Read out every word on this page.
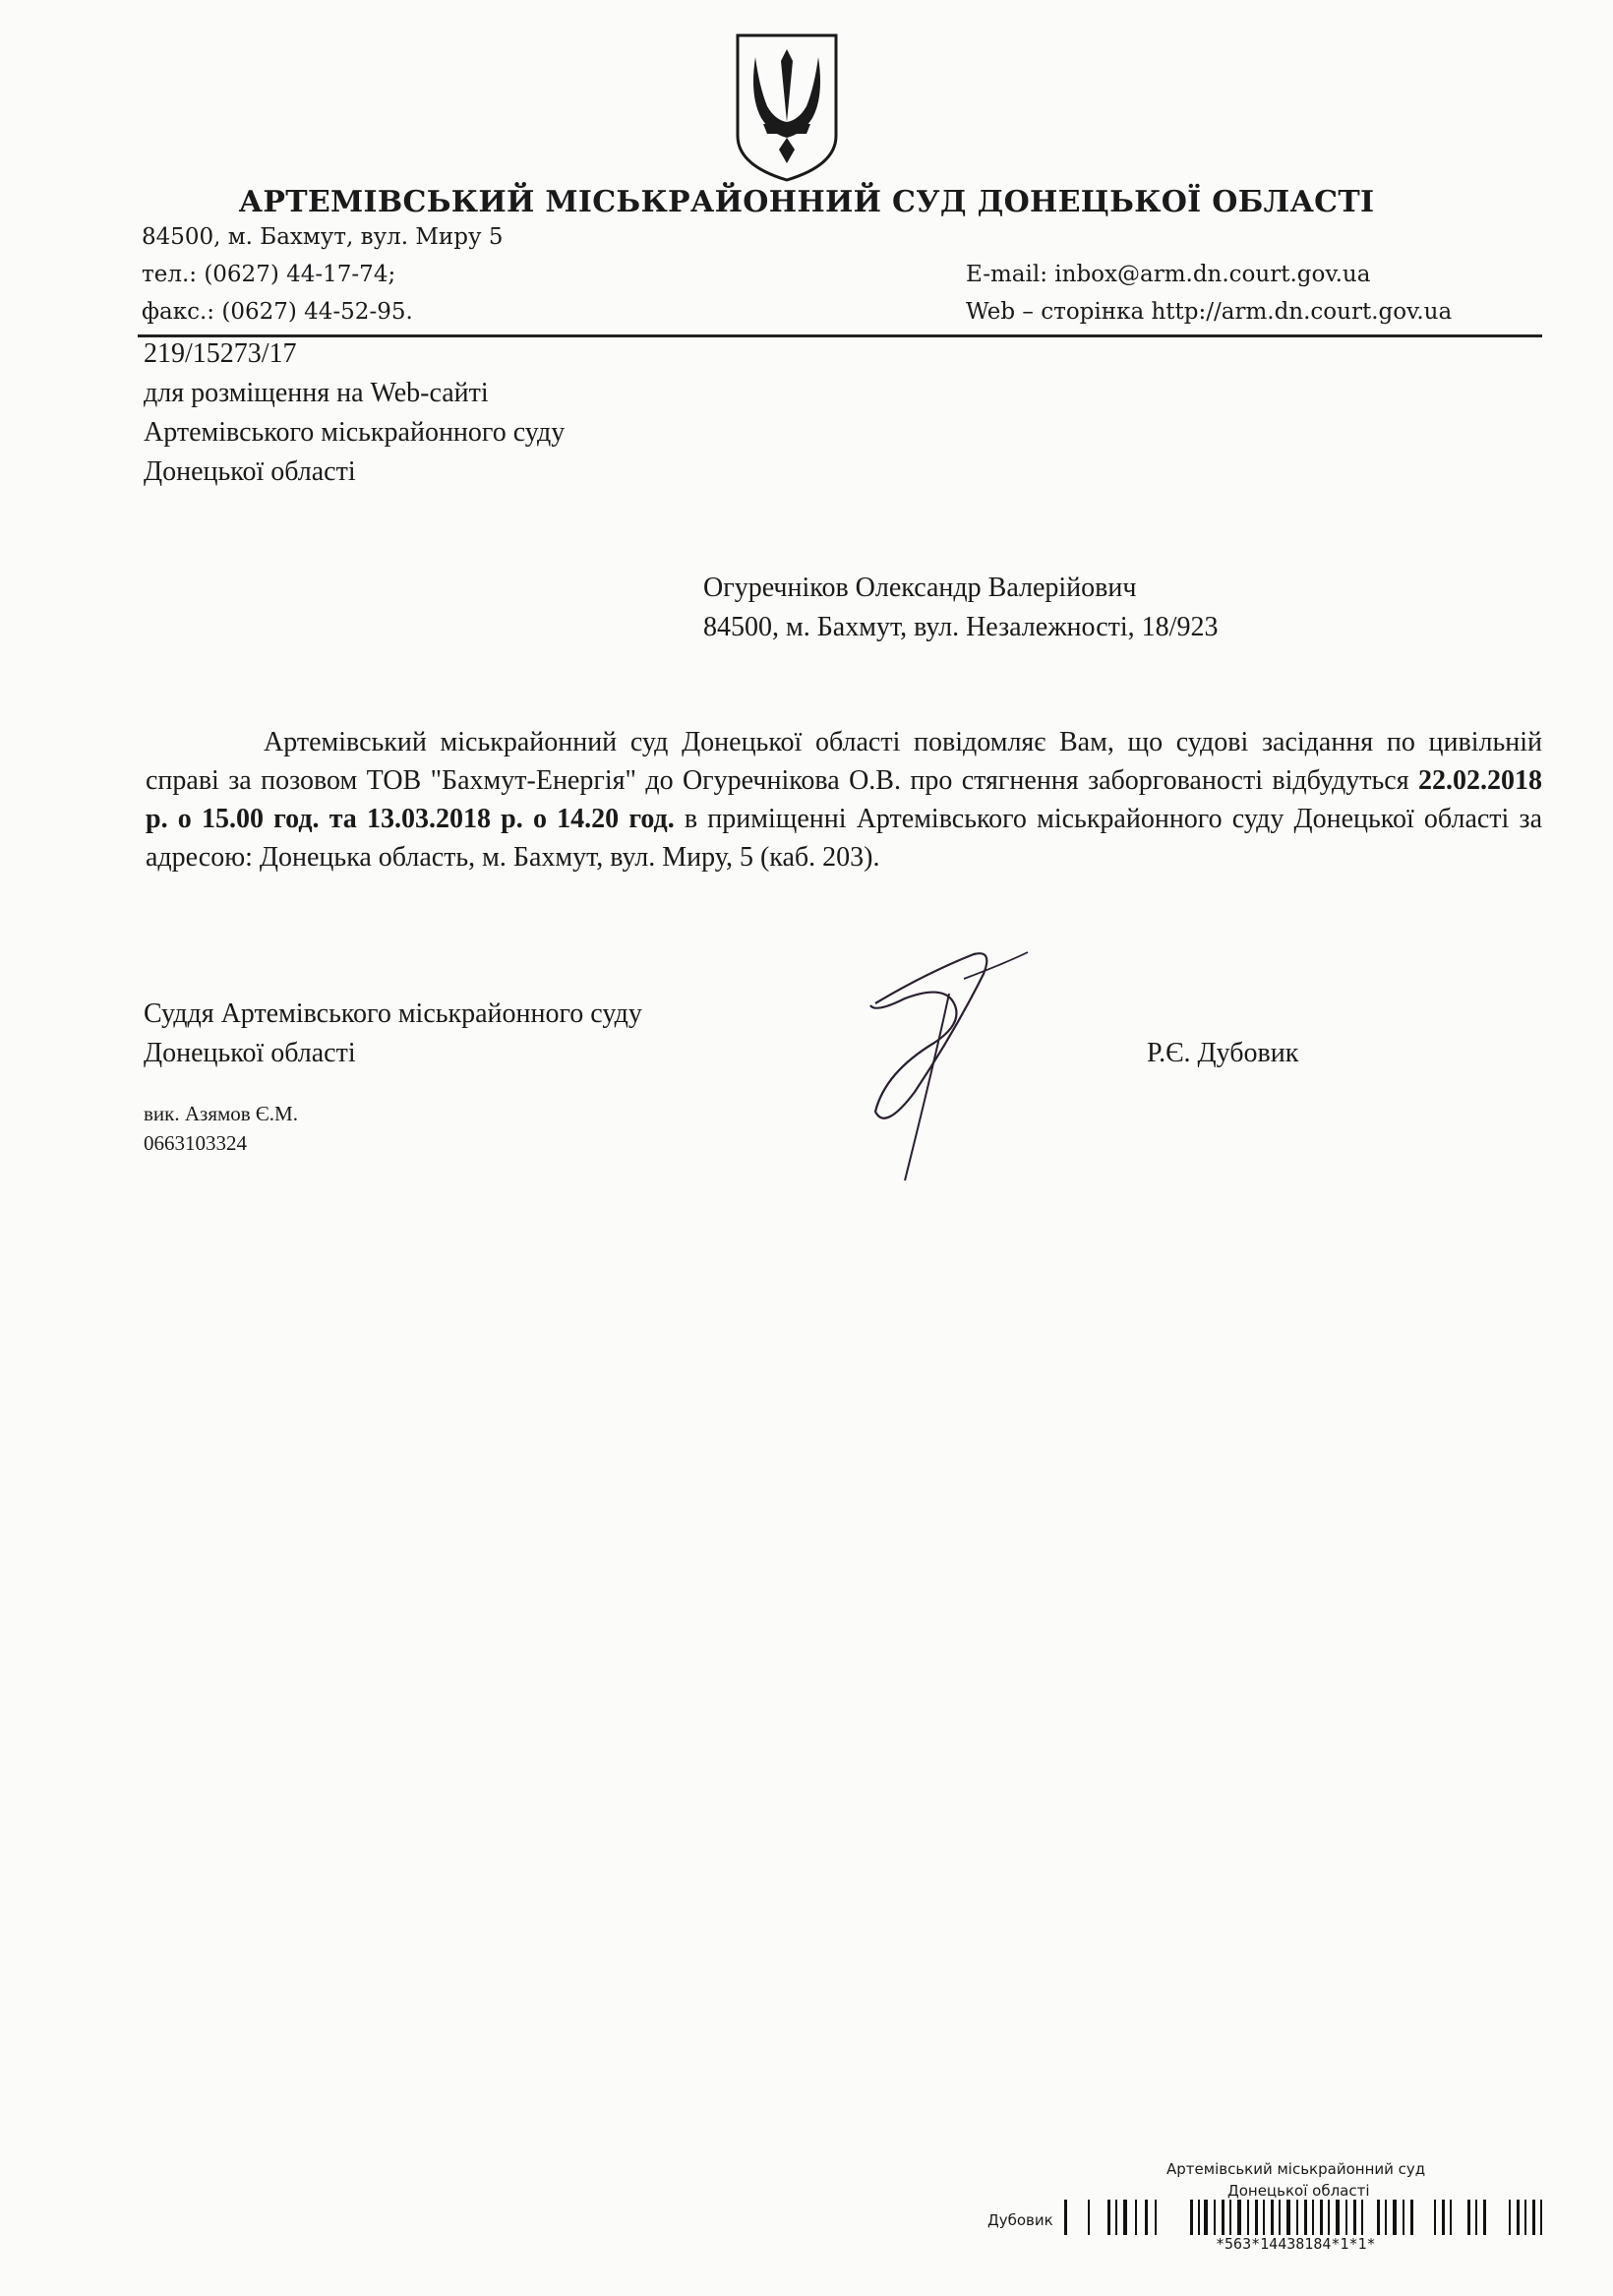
АРТЕМІВСЬКИЙ МІСЬКРАЙОННИЙ СУД ДОНЕЦЬКОЇ ОБЛАСТІ
84500, м. Бахмут, вул. Миру 5
тел.: (0627) 44-17-74;
факс.: (0627) 44-52-95.
E-mail: inbox@arm.dn.court.gov.ua
Web – сторінка http://arm.dn.court.gov.ua
219/15273/17
для розміщення на Web-сайті
Артемівського міськрайонного суду
Донецької області
Огуречніков Олександр Валерійович
84500, м. Бахмут, вул. Незалежності, 18/923
Артемівський міськрайонний суд Донецької області повідомляє Вам, що судові засідання по цивільній справі за позовом ТОВ "Бахмут-Енергія" до Огуречнікова О.В. про стягнення заборгованості відбудуться 22.02.2018 р. о 15.00 год. та 13.03.2018 р. о 14.20 год. в приміщенні Артемівського міськрайонного суду Донецької області за адресою: Донецька область, м. Бахмут, вул. Миру, 5 (каб. 203).
Суддя Артемівського міськрайонного суду
Донецької області	Р.Є. Дубовик
вик. Азямов Є.М.
0663103324
Артемівський міськрайонний суд
Донецької області
Дубовик
*563*14438184*1*1*
